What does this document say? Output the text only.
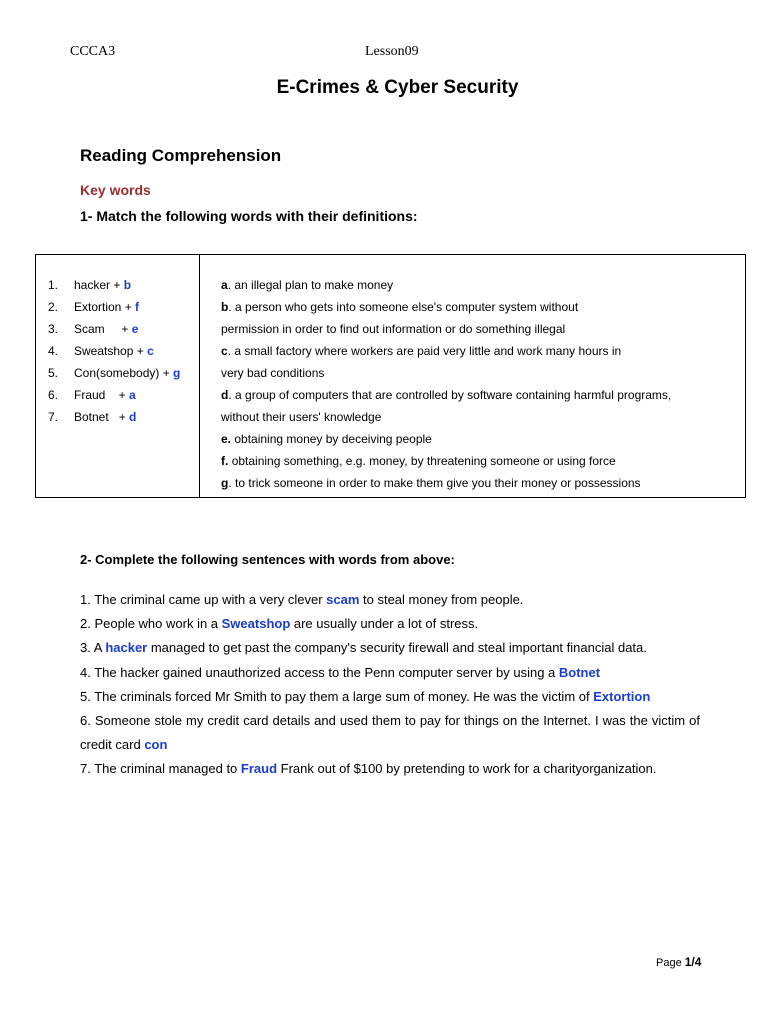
CCCA3	Lesson09
E-Crimes & Cyber Security
Reading Comprehension
Key words
1- Match the following words with their definitions:
1. hacker + b
2. Extortion + f
3. Scam     + e
4. Sweatshop + c
5. Con(somebody) + g
6. Fraud    + a
7. Botnet   + d
a. an illegal plan to make money
b. a person who gets into someone else's computer system without
permission in order to find out information or do something illegal
c. a small factory where workers are paid very little and work many hours in
very bad conditions
d. a group of computers that are controlled by software containing harmful programs,
without their users' knowledge
e. obtaining money by deceiving people
f. obtaining something, e.g. money, by threatening someone or using force
g. to trick someone in order to make them give you their money or possessions
2- Complete the following sentences with words from above:
1. The criminal came up with a very clever scam to steal money from people.
2. People who work in a Sweatshop are usually under a lot of stress.
3. A hacker managed to get past the company's security firewall and steal important financial data.
4. The hacker gained unauthorized access to the Penn computer server by using a Botnet
5. The criminals forced Mr Smith to pay them a large sum of money. He was the victim of Extortion
6. Someone stole my credit card details and used them to pay for things on the Internet. I was the victim of credit card con
7. The criminal managed to Fraud Frank out of $100 by pretending to work for a charityorganization.
Page 1/4
